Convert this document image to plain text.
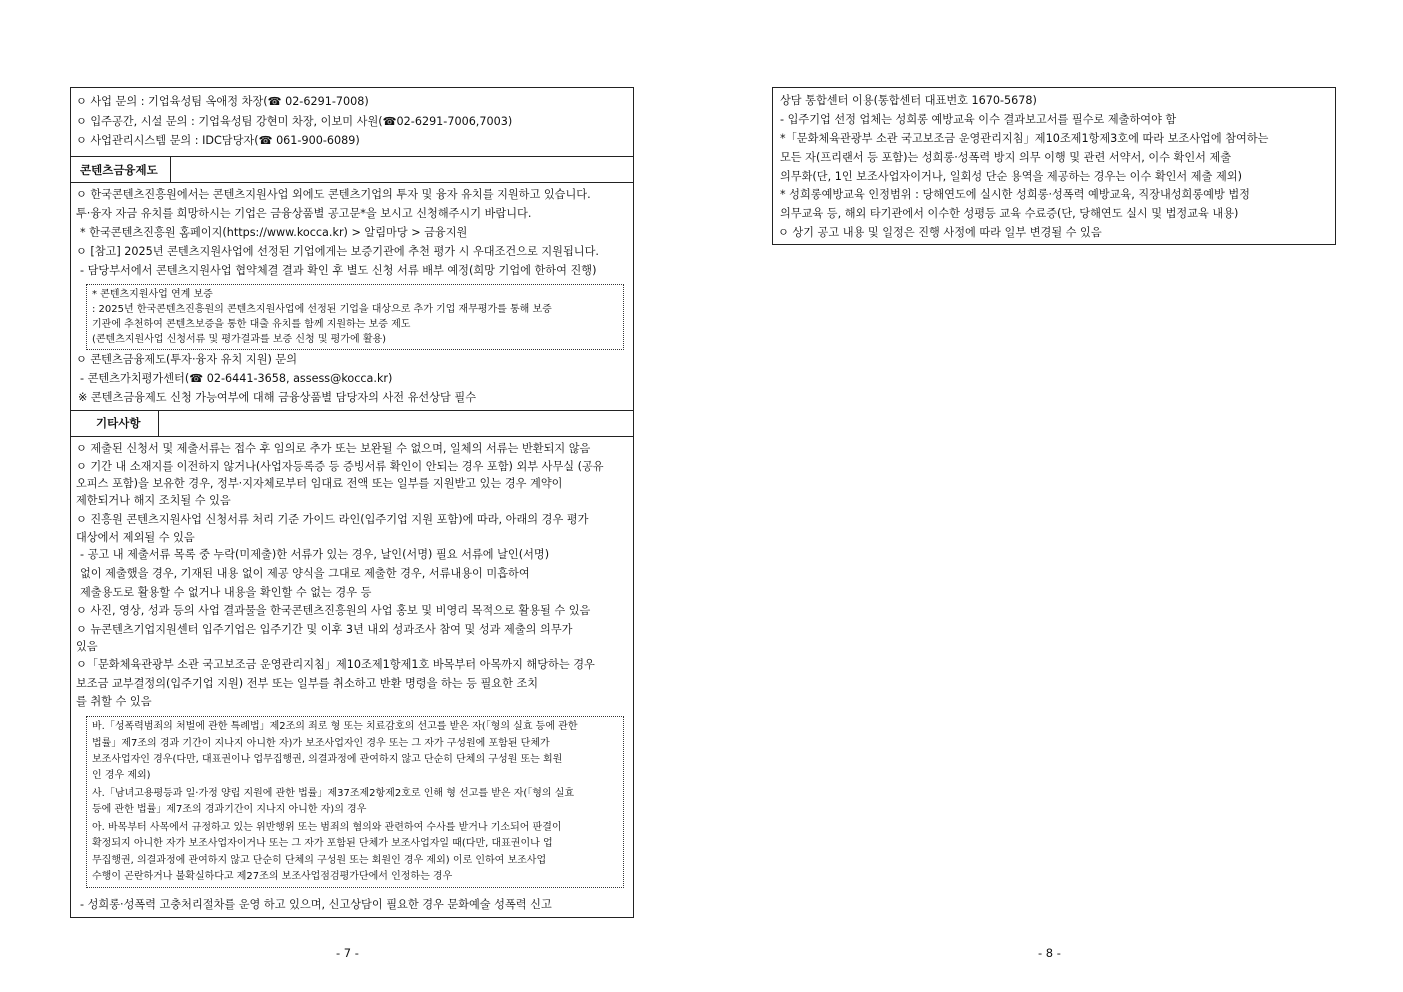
ㅇ 사업 문의 : 기업육성팀 옥애정 차장(☎ 02-6291-7008)
ㅇ 입주공간, 시설 문의 : 기업육성팀 강현미 차장, 이보미 사원(☎02-6291-7006,7003)
ㅇ 사업관리시스템 문의 : IDC담당자(☎ 061-900-6089)
콘텐츠금융제도
ㅇ 한국콘텐츠진흥원에서는 콘텐츠지원사업 외에도 콘텐츠기업의 투자 및 융자 유치를 지원하고 있습니다.
투·융자 자금 유치를 희망하시는 기업은 금융상품별 공고문*을 보시고 신청해주시기 바랍니다.
* 한국콘텐츠진흥원 홈페이지(https://www.kocca.kr) > 알림마당 > 금융지원
ㅇ [참고] 2025년 콘텐츠지원사업에 선정된 기업에게는 보증기관에 추천 평가 시 우대조건으로 지원됩니다.
- 담당부서에서 콘텐츠지원사업 협약체결 결과 확인 후 별도 신청 서류 배부 예정(희망 기업에 한하여 진행)
* 콘텐츠지원사업 연계 보증
: 2025년 한국콘텐츠진흥원의 콘텐츠지원사업에 선정된 기업을 대상으로 추가 기업 재무평가를 통해 보증
기관에 추천하여 콘텐츠보증을 통한 대출 유치를 함께 지원하는 보증 제도
(콘텐츠지원사업 신청서류 및 평가결과를 보증 신청 및 평가에 활용)
ㅇ 콘텐츠금융제도(투자·융자 유치 지원) 문의
- 콘텐츠가치평가센터(☎ 02-6441-3658, assess@kocca.kr)
※ 콘텐츠금융제도 신청 가능여부에 대해 금융상품별 담당자의 사전 유선상담 필수
기타사항
ㅇ 제출된 신청서 및 제출서류는 접수 후 임의로 추가 또는 보완될 수 없으며, 일체의 서류는 반환되지 않음
ㅇ 기간 내 소재지를 이전하지 않거나(사업자등록증 등 증빙서류 확인이 안되는 경우 포함) 외부 사무실 (공유
오피스 포함)을 보유한 경우, 정부·지자체로부터 임대료 전액 또는 일부를 지원받고 있는 경우 계약이
제한되거나 해지 조치될 수 있음
ㅇ 진흥원 콘텐츠지원사업 신청서류 처리 기준 가이드 라인(입주기업 지원 포함)에 따라, 아래의 경우 평가
대상에서 제외될 수 있음
- 공고 내 제출서류 목록 중 누락(미제출)한 서류가 있는 경우, 날인(서명) 필요 서류에 날인(서명)
없이 제출했을 경우, 기재된 내용 없이 제공 양식을 그대로 제출한 경우, 서류내용이 미흡하여
제출용도로 활용할 수 없거나 내용을 확인할 수 없는 경우 등
ㅇ 사진, 영상, 성과 등의 사업 결과물을 한국콘텐츠진흥원의 사업 홍보 및 비영리 목적으로 활용될 수 있음
ㅇ 뉴콘텐츠기업지원센터 입주기업은 입주기간 및 이후 3년 내외 성과조사 참여 및 성과 제출의 의무가
있음
ㅇ「문화체육관광부 소관 국고보조금 운영관리지침」제10조제1항제1호 바목부터 아목까지 해당하는 경우
보조금 교부결정의(입주기업 지원) 전부 또는 일부를 취소하고 반환 명령을 하는 등 필요한 조치
를 취할 수 있음
바.「성폭력범죄의 처벌에 관한 특례법」제2조의 죄로 형 또는 치료감호의 선고를 받은 자(「형의 실효 등에 관한
법률」제7조의 경과 기간이 지나지 아니한 자)가 보조사업자인 경우 또는 그 자가 구성원에 포함된 단체가
보조사업자인 경우(다만, 대표권이나 업무집행권, 의결과정에 관여하지 않고 단순히 단체의 구성원 또는 회원
인 경우 제외)
사.「남녀고용평등과 일·가정 양립 지원에 관한 법률」제37조제2항제2호로 인해 형 선고를 받은 자(「형의 실효
등에 관한 법률」제7조의 경과기간이 지나지 아니한 자)의 경우
아. 바목부터 사목에서 규정하고 있는 위반행위 또는 범죄의 혐의와 관련하여 수사를 받거나 기소되어 판결이
확정되지 아니한 자가 보조사업자이거나 또는 그 자가 포함된 단체가 보조사업자일 때(다만, 대표권이나 업
무집행권, 의결과정에 관여하지 않고 단순히 단체의 구성원 또는 회원인 경우 제외) 이로 인하여 보조사업
수행이 곤란하거나 불확실하다고 제27조의 보조사업점검평가단에서 인정하는 경우
- 성희롱·성폭력 고충처리절차를 운영 하고 있으며, 신고상담이 필요한 경우 문화예술 성폭력 신고
- 7 -
상담 통합센터 이용(통합센터 대표번호 1670-5678)
- 입주기업 선정 업체는 성희롱 예방교육 이수 결과보고서를 필수로 제출하여야 함
*「문화체육관광부 소관 국고보조금 운영관리지침」제10조제1항제3호에 따라 보조사업에 참여하는
모든 자(프리랜서 등 포함)는 성희롱·성폭력 방지 의무 이행 및 관련 서약서, 이수 확인서 제출
의무화(단, 1인 보조사업자이거나, 일회성 단순 용역을 제공하는 경우는 이수 확인서 제출 제외)
* 성희롱예방교육 인정범위 : 당해연도에 실시한 성희롱·성폭력 예방교육, 직장내성희롱예방 법정
의무교육 등, 해외 타기관에서 이수한 성평등 교육 수료증(단, 당해연도 실시 및 법정교육 내용)
ㅇ 상기 공고 내용 및 일정은 진행 사정에 따라 일부 변경될 수 있음
- 8 -
